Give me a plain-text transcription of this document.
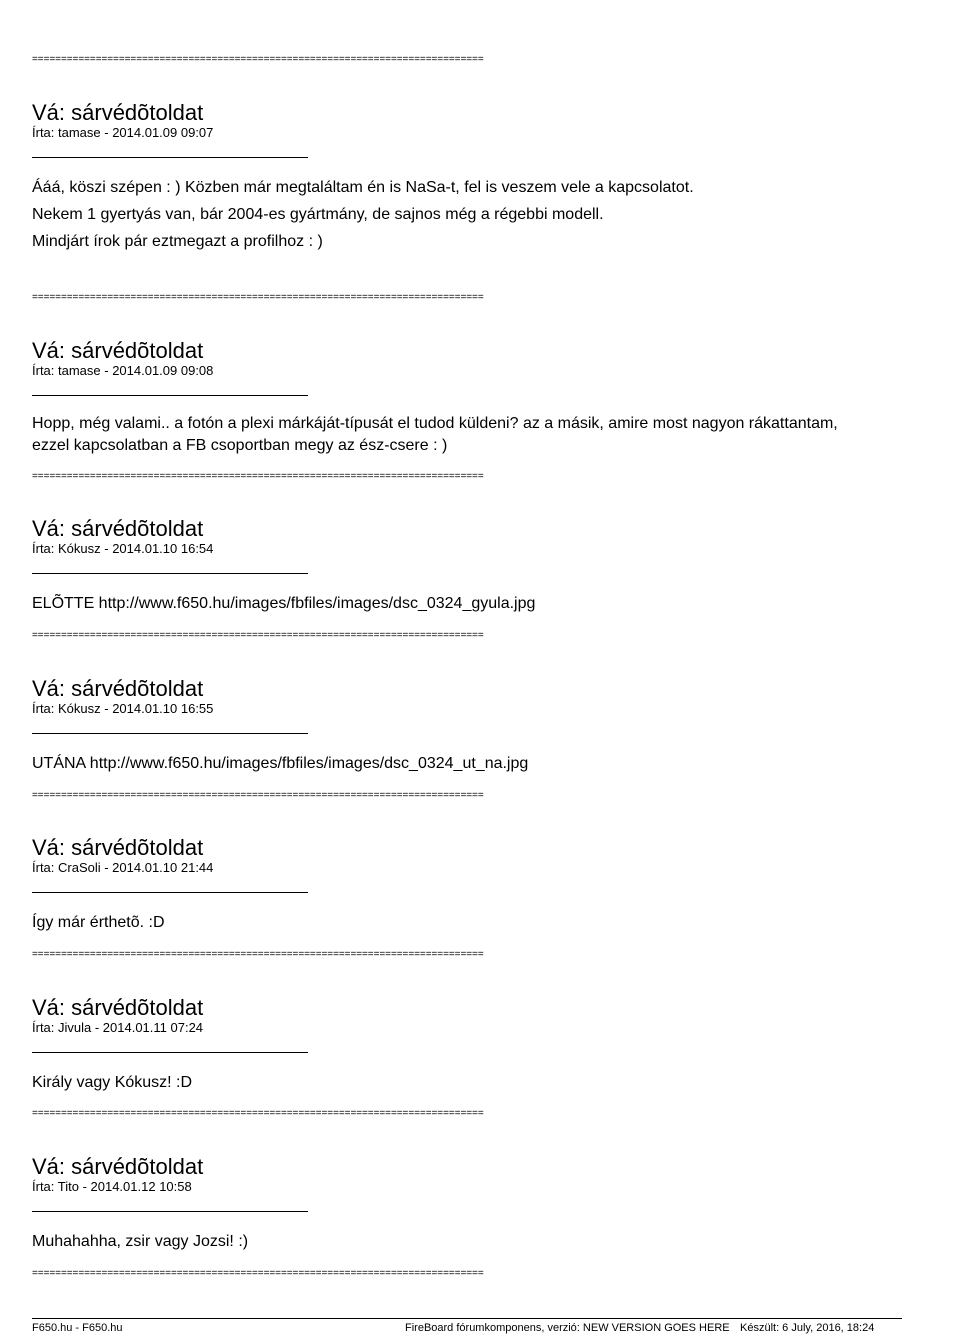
==============================================================================
Vá: sárvédõtoldat
Írta: tamase - 2014.01.09 09:07
Ááá, köszi szépen : ) Közben már megtaláltam én is NaSa-t, fel is veszem vele a kapcsolatot.
Nekem 1 gyertyás van, bár 2004-es gyártmány, de sajnos még a régebbi modell.
Mindjárt írok pár eztmegazt a profilhoz : )
==============================================================================
Vá: sárvédõtoldat
Írta: tamase - 2014.01.09 09:08
Hopp, még valami.. a fotón a plexi márkáját-típusát el tudod küldeni? az a másik, amire most nagyon rákattantam,
ezzel kapcsolatban a FB csoportban megy az ész-csere : )
==============================================================================
Vá: sárvédõtoldat
Írta: Kókusz - 2014.01.10 16:54
ELÕTTE http://www.f650.hu/images/fbfiles/images/dsc_0324_gyula.jpg
==============================================================================
Vá: sárvédõtoldat
Írta: Kókusz - 2014.01.10 16:55
UTÁNA http://www.f650.hu/images/fbfiles/images/dsc_0324_ut_na.jpg
==============================================================================
Vá: sárvédõtoldat
Írta: CraSoli - 2014.01.10 21:44
Így már érthetõ. :D
==============================================================================
Vá: sárvédõtoldat
Írta: Jivula - 2014.01.11 07:24
Király vagy Kókusz! :D
==============================================================================
Vá: sárvédõtoldat
Írta: Tito - 2014.01.12 10:58
Muhahahha, zsir vagy Jozsi! :)
==============================================================================
F650.hu - F650.hu	FireBoard fórumkomponens, verzió: NEW VERSION GOES HERE Készült: 6 July, 2016, 18:24
